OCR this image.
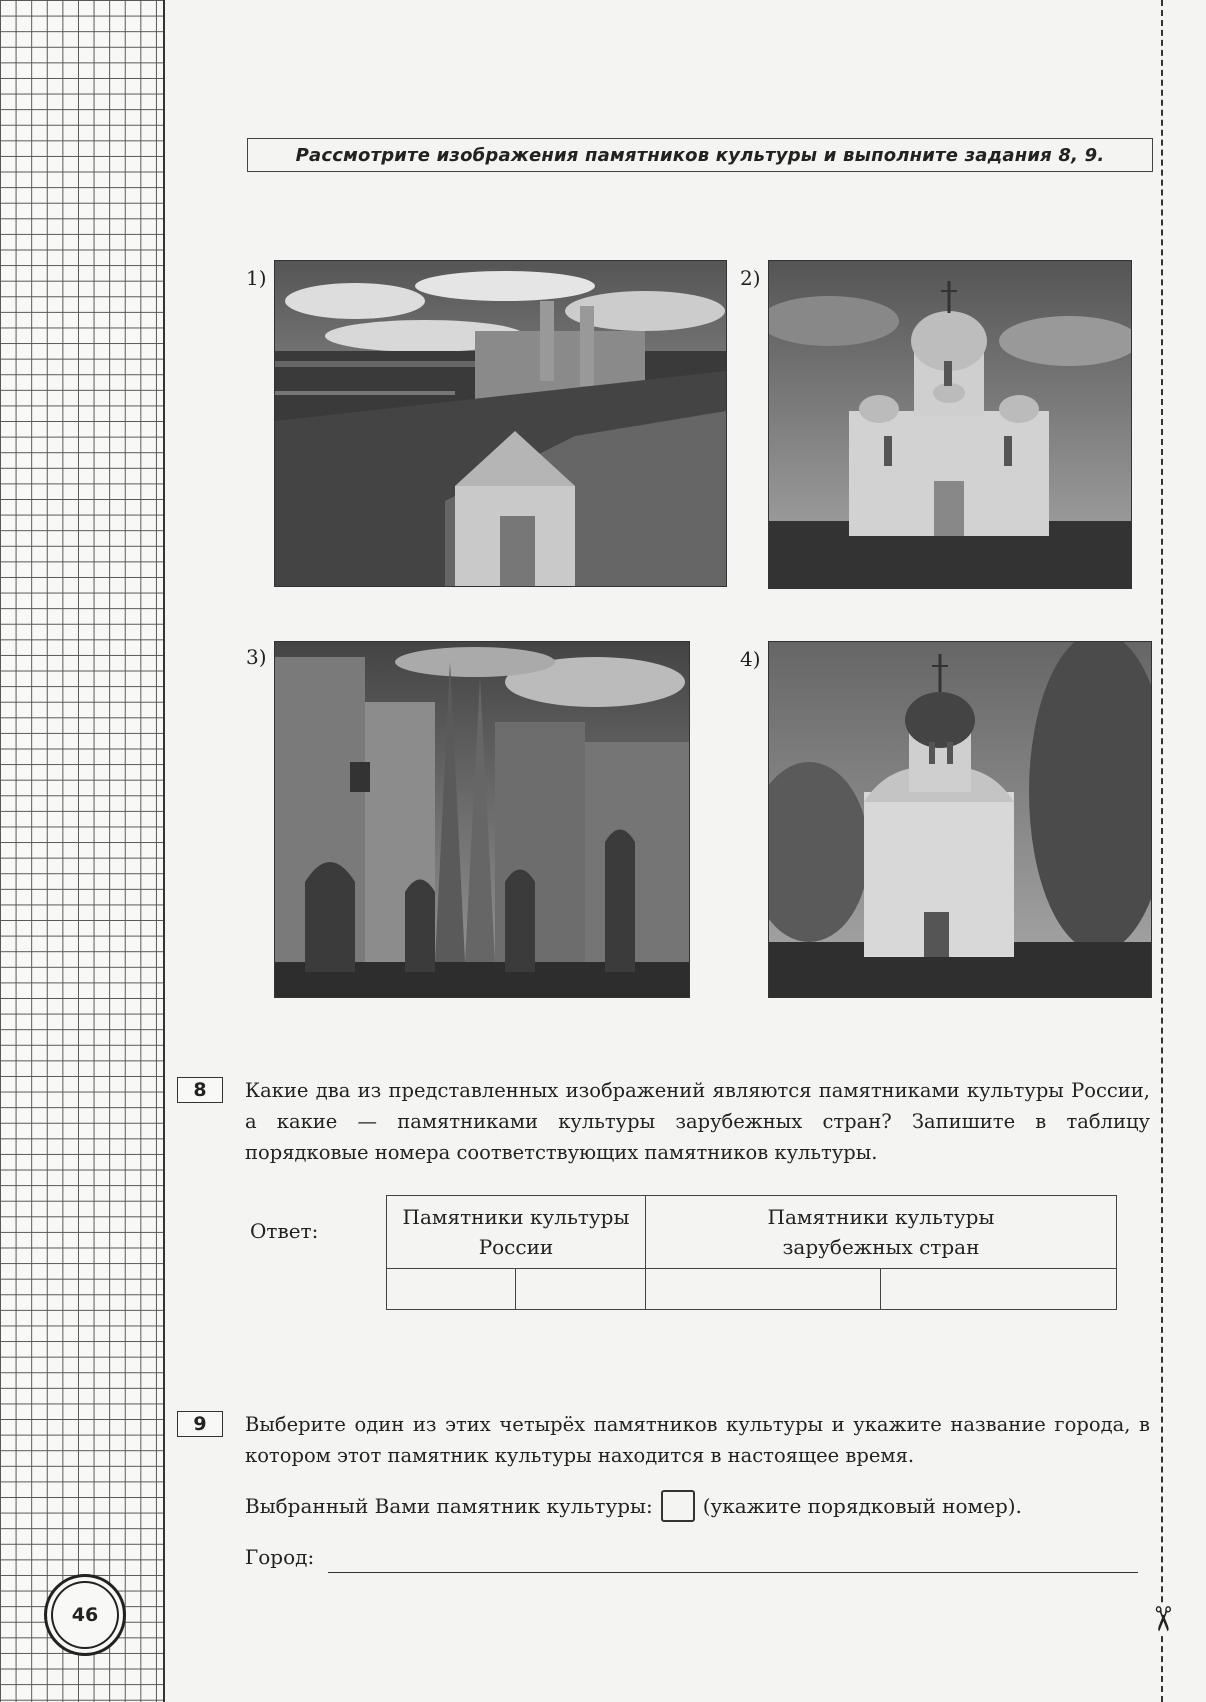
✂
46
Рассмотрите изображения памятников культуры и выполните задания 8, 9.
1)	2)
3)	4)
8	Какие два из представленных изображений являются памятниками культуры России, а какие — памятниками культуры зарубежных стран? Запишите в таблицу порядковые номера соответствующих памятников культуры.
Ответ:
Памятники культуры России		Памятники культуры зарубежных стран	

9	Выберите один из этих четырёх памятников культуры и укажите название города, в котором этот памятник культуры находится в настоящее время.
Выбранный Вами памятник культуры:	(укажите порядковый номер).
Город:
